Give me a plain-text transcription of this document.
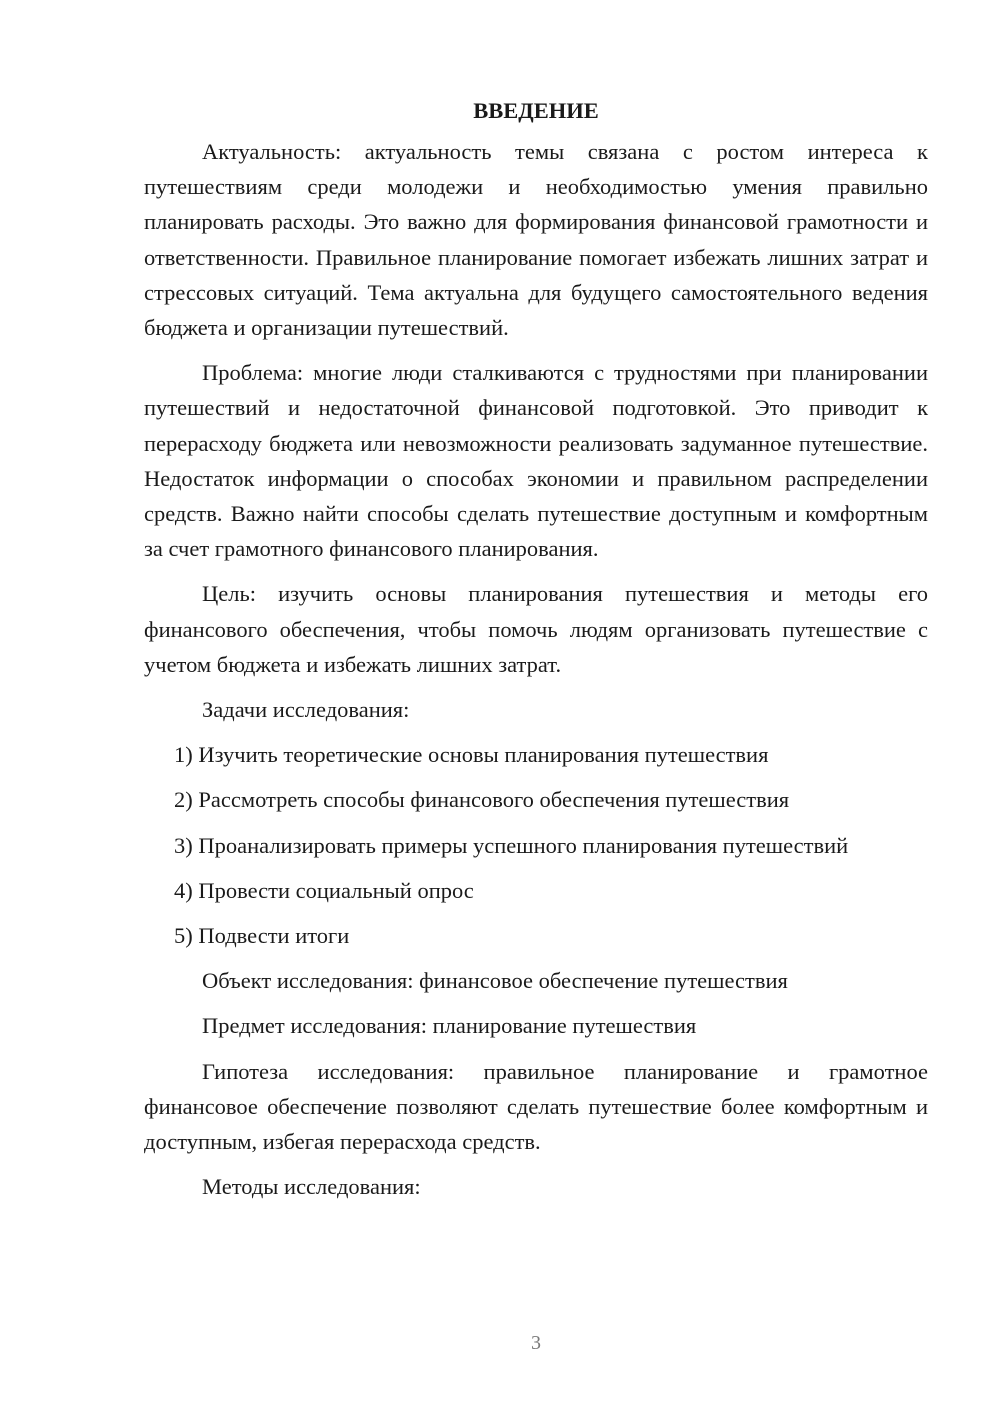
ВВЕДЕНИЕ

Актуальность: актуальность темы связана с ростом интереса к путешествиям среди молодежи и необходимостью умения правильно планировать расходы. Это важно для формирования финансовой грамотности и ответственности. Правильное планирование помогает избежать лишних затрат и стрессовых ситуаций. Тема актуальна для будущего самостоятельного ведения бюджета и организации путешествий.

Проблема: многие люди сталкиваются с трудностями при планировании путешествий и недостаточной финансовой подготовкой. Это приводит к перерасходу бюджета или невозможности реализовать задуманное путешествие. Недостаток информации о способах экономии и правильном распределении средств. Важно найти способы сделать путешествие доступным и комфортным за счет грамотного финансового планирования.

Цель: изучить основы планирования путешествия и методы его финансового обеспечения, чтобы помочь людям организовать путешествие с учетом бюджета и избежать лишних затрат.

Задачи исследования:

1) Изучить теоретические основы планирования путешествия
2) Рассмотреть способы финансового обеспечения путешествия
3) Проанализировать примеры успешного планирования путешествий
4) Провести социальный опрос
5) Подвести итоги

Объект исследования: финансовое обеспечение путешествия

Предмет исследования: планирование путешествия

Гипотеза исследования: правильное планирование и грамотное финансовое обеспечение позволяют сделать путешествие более комфортным и доступным, избегая перерасхода средств.

Методы исследования:

3
